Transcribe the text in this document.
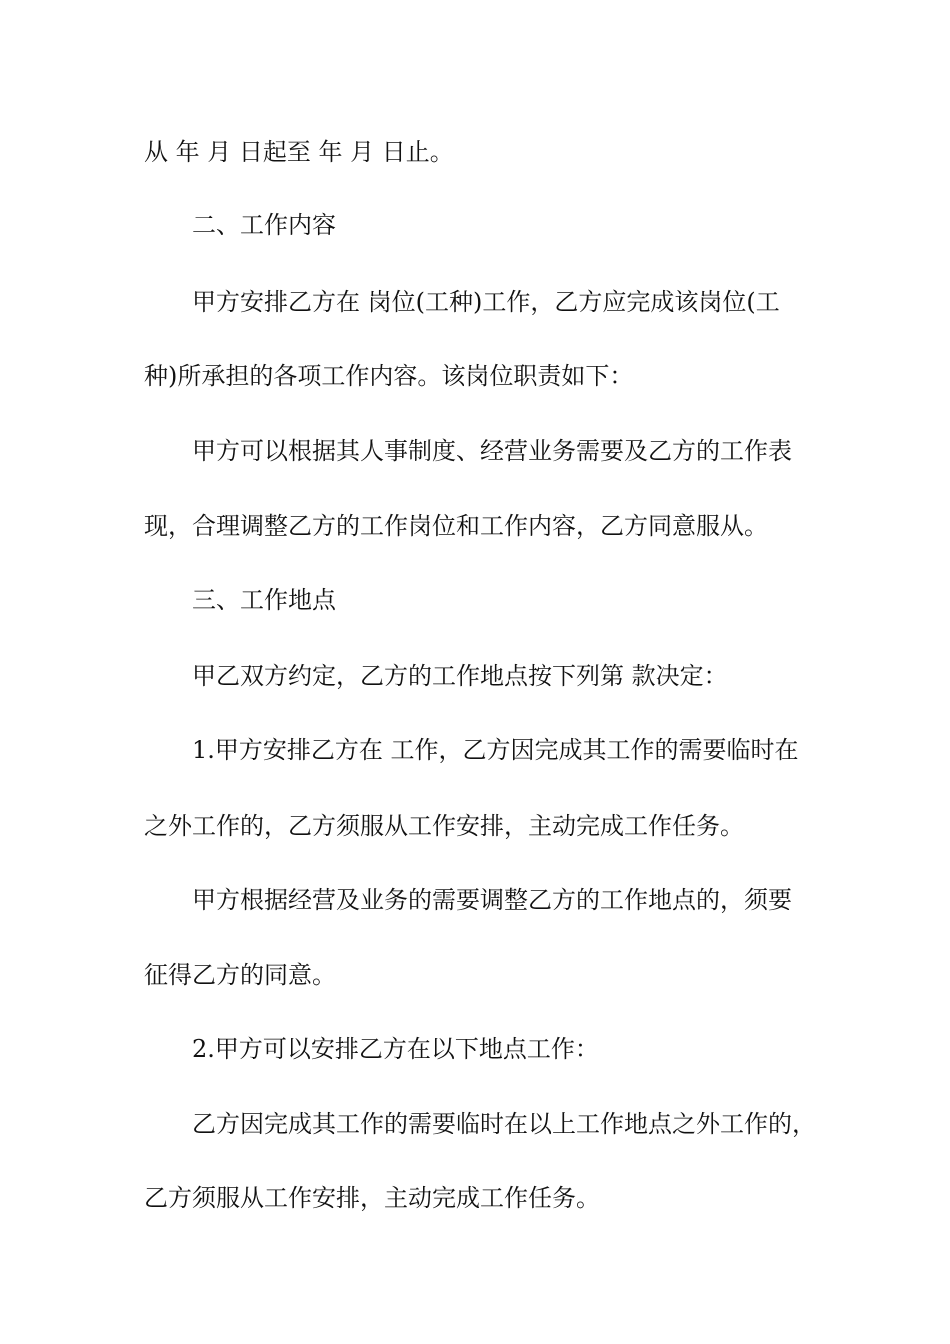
从 年 月 日起至 年 月 日止。
二、工作内容
甲方安排乙方在 岗位(工种)工作，乙方应完成该岗位(工
种)所承担的各项工作内容。该岗位职责如下：
甲方可以根据其人事制度、经营业务需要及乙方的工作表
现，合理调整乙方的工作岗位和工作内容，乙方同意服从。
三、工作地点
甲乙双方约定，乙方的工作地点按下列第 款决定：
1.甲方安排乙方在 工作，乙方因完成其工作的需要临时在
之外工作的，乙方须服从工作安排，主动完成工作任务。
甲方根据经营及业务的需要调整乙方的工作地点的，须要
征得乙方的同意。
2.甲方可以安排乙方在以下地点工作：
乙方因完成其工作的需要临时在以上工作地点之外工作的，
乙方须服从工作安排，主动完成工作任务。
